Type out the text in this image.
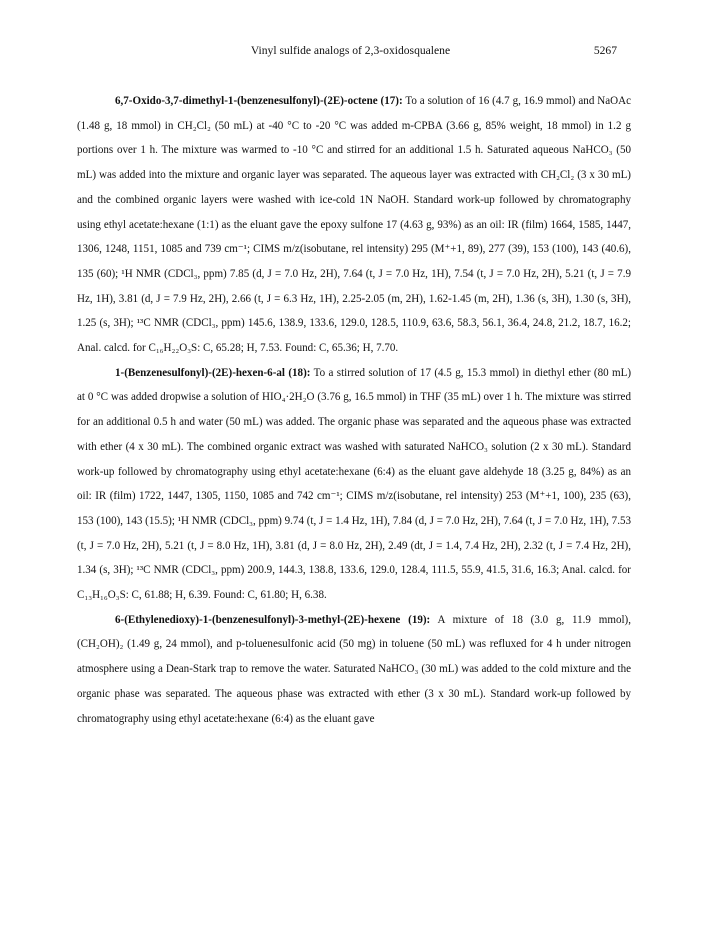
Vinyl sulfide analogs of 2,3-oxidosqualene	5267

6,7-Oxido-3,7-dimethyl-1-(benzenesulfonyl)-(2E)-octene (17): To a solution of 16 (4.7 g, 16.9 mmol) and NaOAc (1.48 g, 18 mmol) in CH₂Cl₂ (50 mL) at -40 °C to -20 °C was added m-CPBA (3.66 g, 85% weight, 18 mmol) in 1.2 g portions over 1 h. The mixture was warmed to -10 °C and stirred for an additional 1.5 h. Saturated aqueous NaHCO₃ (50 mL) was added into the mixture and organic layer was separated. The aqueous layer was extracted with CH₂Cl₂ (3 x 30 mL) and the combined organic layers were washed with ice-cold 1N NaOH. Standard work-up followed by chromatography using ethyl acetate:hexane (1:1) as the eluant gave the epoxy sulfone 17 (4.63 g, 93%) as an oil: IR (film) 1664, 1585, 1447, 1306, 1248, 1151, 1085 and 739 cm⁻¹; CIMS m/z(isobutane, rel intensity) 295 (M⁺+1, 89), 277 (39), 153 (100), 143 (40.6), 135 (60); ¹H NMR (CDCl₃, ppm) 7.85 (d, J = 7.0 Hz, 2H), 7.64 (t, J = 7.0 Hz, 1H), 7.54 (t, J = 7.0 Hz, 2H), 5.21 (t, J = 7.9 Hz, 1H), 3.81 (d, J = 7.9 Hz, 2H), 2.66 (t, J = 6.3 Hz, 1H), 2.25-2.05 (m, 2H), 1.62-1.45 (m, 2H), 1.36 (s, 3H), 1.30 (s, 3H), 1.25 (s, 3H); ¹³C NMR (CDCl₃, ppm) 145.6, 138.9, 133.6, 129.0, 128.5, 110.9, 63.6, 58.3, 56.1, 36.4, 24.8, 21.2, 18.7, 16.2; Anal. calcd. for C₁₆H₂₂O₃S: C, 65.28; H, 7.53. Found: C, 65.36; H, 7.70.

1-(Benzenesulfonyl)-(2E)-hexen-6-al (18): To a stirred solution of 17 (4.5 g, 15.3 mmol) in diethyl ether (80 mL) at 0 °C was added dropwise a solution of HIO₄·2H₂O (3.76 g, 16.5 mmol) in THF (35 mL) over 1 h. The mixture was stirred for an additional 0.5 h and water (50 mL) was added. The organic phase was separated and the aqueous phase was extracted with ether (4 x 30 mL). The combined organic extract was washed with saturated NaHCO₃ solution (2 x 30 mL). Standard work-up followed by chromatography using ethyl acetate:hexane (6:4) as the eluant gave aldehyde 18 (3.25 g, 84%) as an oil: IR (film) 1722, 1447, 1305, 1150, 1085 and 742 cm⁻¹; CIMS m/z(isobutane, rel intensity) 253 (M⁺+1, 100), 235 (63), 153 (100), 143 (15.5); ¹H NMR (CDCl₃, ppm) 9.74 (t, J = 1.4 Hz, 1H), 7.84 (d, J = 7.0 Hz, 2H), 7.64 (t, J = 7.0 Hz, 1H), 7.53 (t, J = 7.0 Hz, 2H), 5.21 (t, J = 8.0 Hz, 1H), 3.81 (d, J = 8.0 Hz, 2H), 2.49 (dt, J = 1.4, 7.4 Hz, 2H), 2.32 (t, J = 7.4 Hz, 2H), 1.34 (s, 3H); ¹³C NMR (CDCl₃, ppm) 200.9, 144.3, 138.8, 133.6, 129.0, 128.4, 111.5, 55.9, 41.5, 31.6, 16.3; Anal. calcd. for C₁₃H₁₆O₃S: C, 61.88; H, 6.39. Found: C, 61.80; H, 6.38.

6-(Ethylenedioxy)-1-(benzenesulfonyl)-3-methyl-(2E)-hexene (19): A mixture of 18 (3.0 g, 11.9 mmol), (CH₂OH)₂ (1.49 g, 24 mmol), and p-toluenesulfonic acid (50 mg) in toluene (50 mL) was refluxed for 4 h under nitrogen atmosphere using a Dean-Stark trap to remove the water. Saturated NaHCO₃ (30 mL) was added to the cold mixture and the organic phase was separated. The aqueous phase was extracted with ether (3 x 30 mL). Standard work-up followed by chromatography using ethyl acetate:hexane (6:4) as the eluant gave
